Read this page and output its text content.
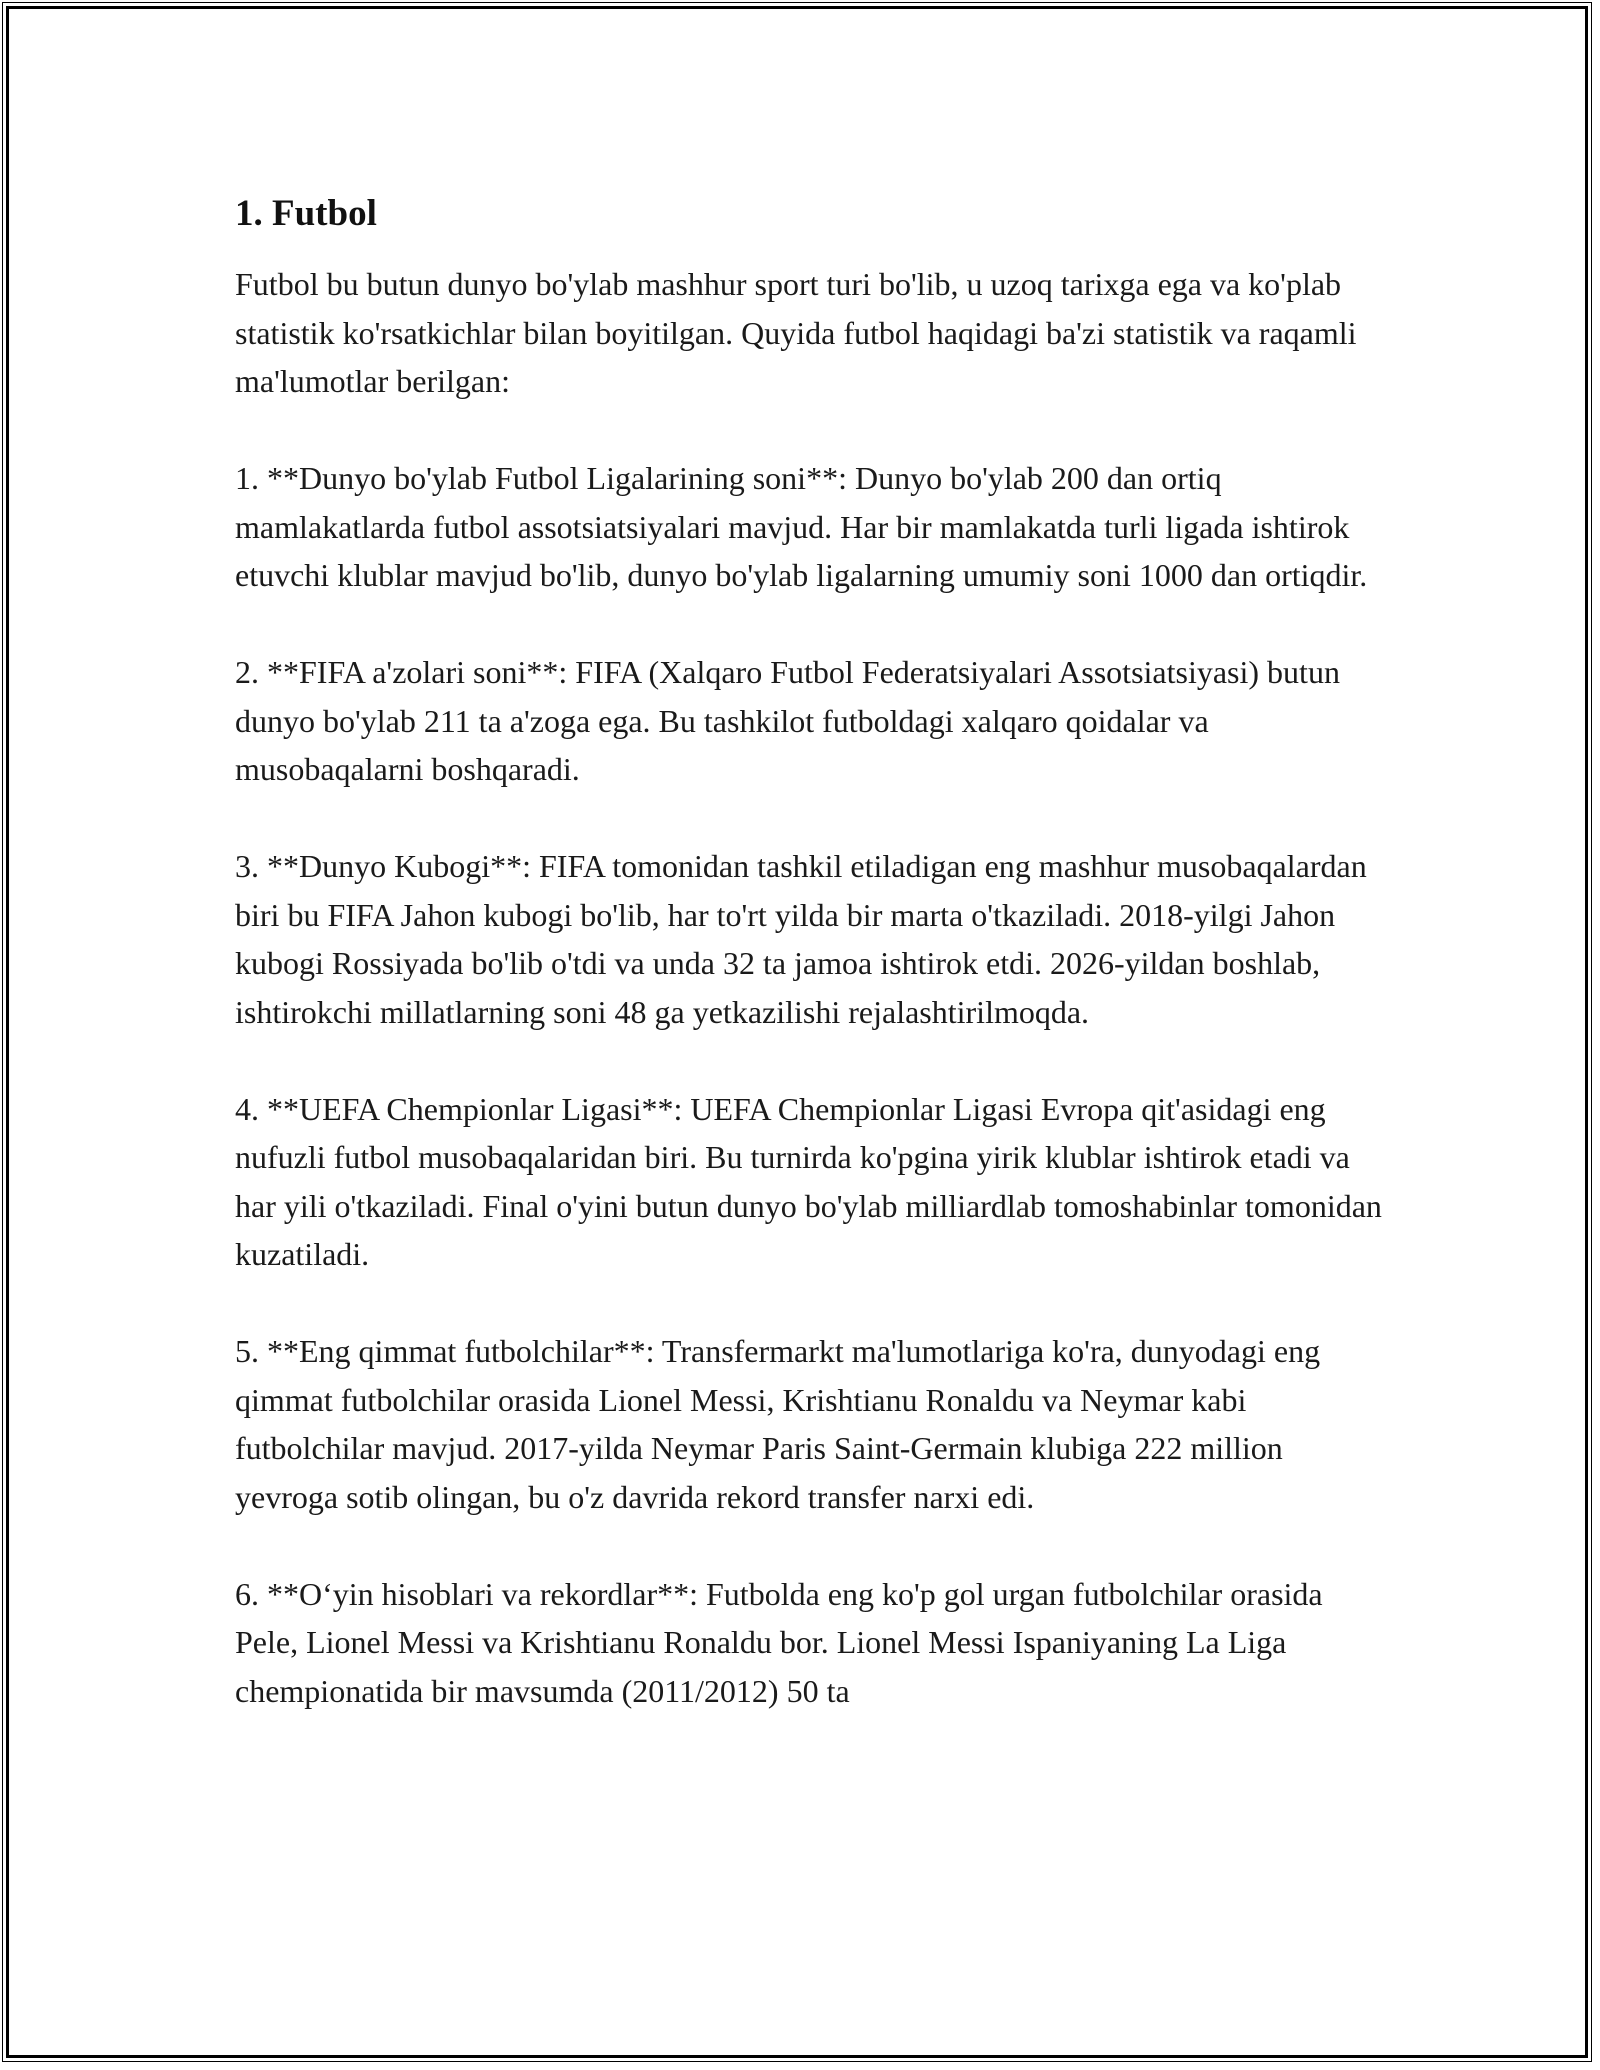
1. Futbol

Futbol bu butun dunyo bo'ylab mashhur sport turi bo'lib, u uzoq tarixga ega va ko'plab statistik ko'rsatkichlar bilan boyitilgan. Quyida futbol haqidagi ba'zi statistik va raqamli ma'lumotlar berilgan:

1. **Dunyo bo'ylab Futbol Ligalarining soni**: Dunyo bo'ylab 200 dan ortiq mamlakatlarda futbol assotsiatsiyalari mavjud. Har bir mamlakatda turli ligada ishtirok etuvchi klublar mavjud bo'lib, dunyo bo'ylab ligalarning umumiy soni 1000 dan ortiqdir.

2. **FIFA a'zolari soni**: FIFA (Xalqaro Futbol Federatsiyalari Assotsiatsiyasi) butun dunyo bo'ylab 211 ta a'zoga ega. Bu tashkilot futboldagi xalqaro qoidalar va musobaqalarni boshqaradi.

3. **Dunyo Kubogi**: FIFA tomonidan tashkil etiladigan eng mashhur musobaqalardan biri bu FIFA Jahon kubogi bo'lib, har to'rt yilda bir marta o'tkaziladi. 2018-yilgi Jahon kubogi Rossiyada bo'lib o'tdi va unda 32 ta jamoa ishtirok etdi. 2026-yildan boshlab, ishtirokchi millatlarning soni 48 ga yetkazilishi rejalashtirilmoqda.

4. **UEFA Chempionlar Ligasi**: UEFA Chempionlar Ligasi Evropa qit'asidagi eng nufuzli futbol musobaqalaridan biri. Bu turnirda ko'pgina yirik klublar ishtirok etadi va har yili o'tkaziladi. Final o'yini butun dunyo bo'ylab milliardlab tomoshabinlar tomonidan kuzatiladi.

5. **Eng qimmat futbolchilar**: Transfermarkt ma'lumotlariga ko'ra, dunyodagi eng qimmat futbolchilar orasida Lionel Messi, Krishtianu Ronaldu va Neymar kabi futbolchilar mavjud. 2017-yilda Neymar Paris Saint-Germain klubiga 222 million yevroga sotib olingan, bu o'z davrida rekord transfer narxi edi.

6. **O‘yin hisoblari va rekordlar**: Futbolda eng ko'p gol urgan futbolchilar orasida Pele, Lionel Messi va Krishtianu Ronaldu bor. Lionel Messi Ispaniyaning La Liga chempionatida bir mavsumda (2011/2012) 50 ta
